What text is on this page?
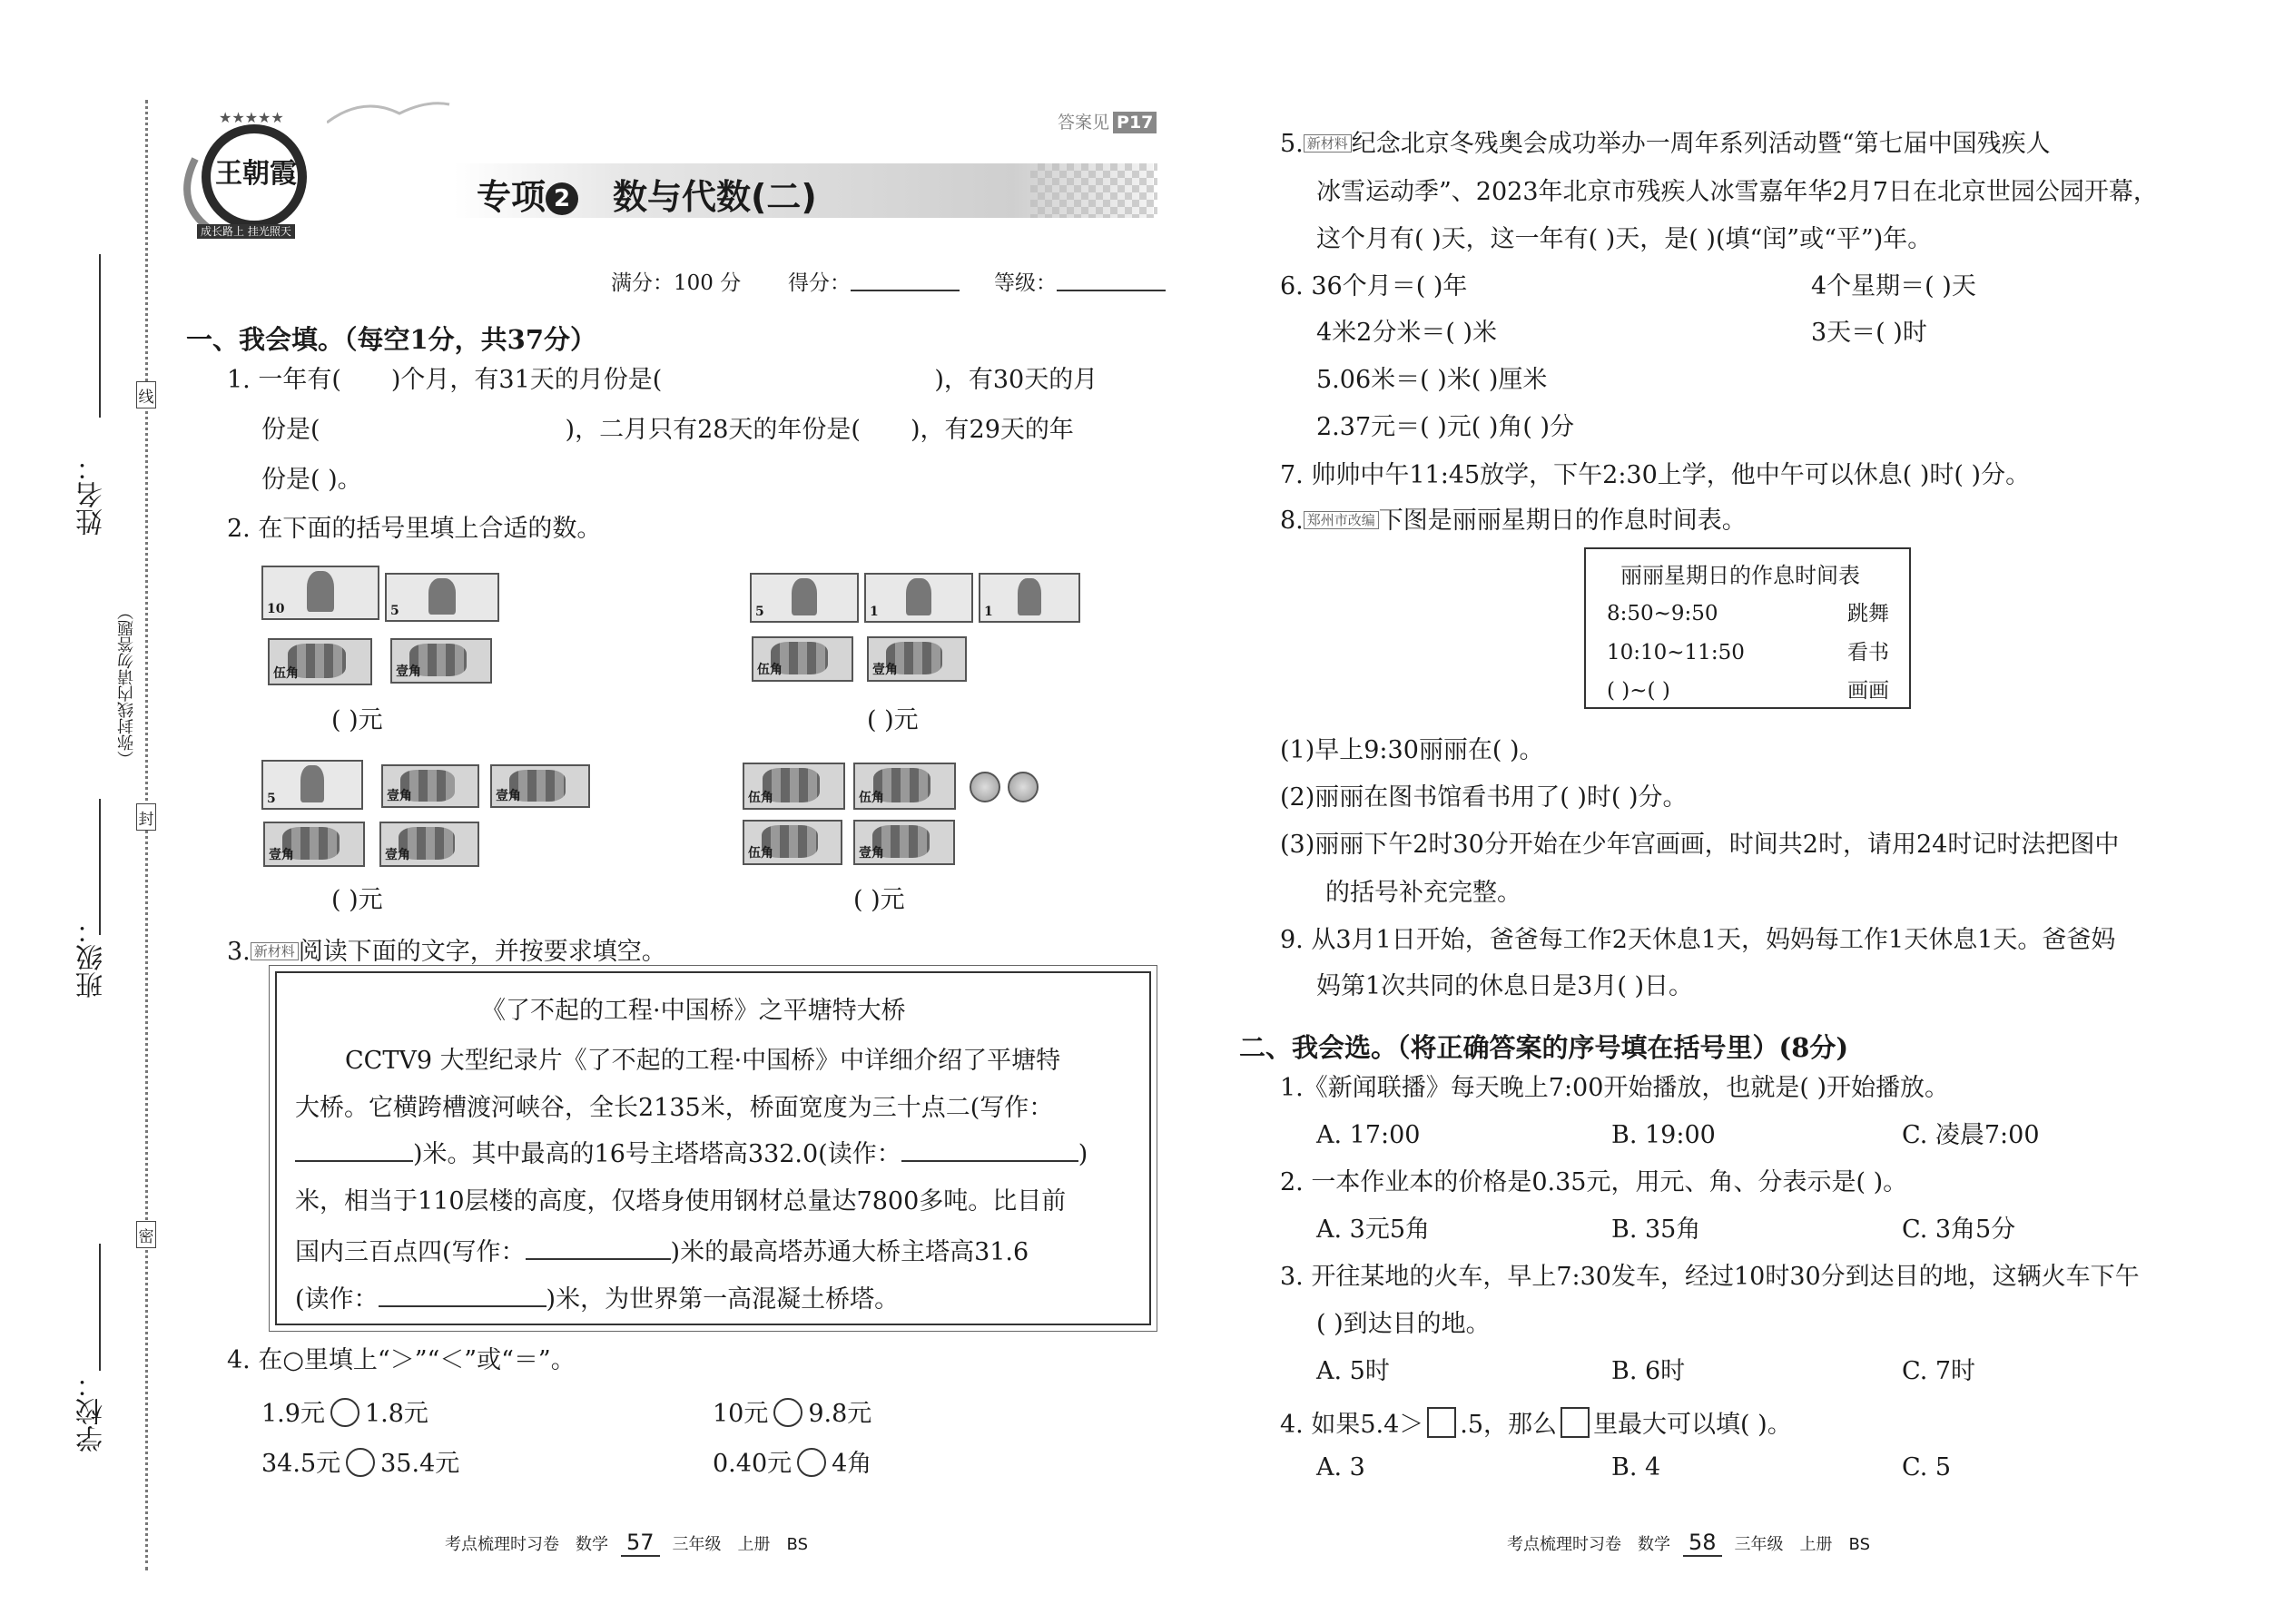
线
封
密
姓名：
（弥封线内请勿答题）
班级：
学校：
★★★★★
王朝霞
成长路上 挂光照天
答案见 P17
专项 2　 数与代数(二)
满分：100 分 得分：	等级：
一、我会填。（每空1分，共37分）
1. 一年有( )个月，有31天的月份是(	)，有30天的月
份是(	)，二月只有28天的年份是( )，有29天的年
份是( )。
2. 在下面的括号里填上合适的数。
10
5
伍角
壹角
5
1
1
伍角
壹角
( )元	( )元
5
壹角
壹角
壹角
壹角
伍角
伍角
伍角
壹角
( )元	( )元
3. 新材料 阅读下面的文字，并按要求填空。
《了不起的工程·中国桥》之平塘特大桥
CCTV9 大型纪录片《了不起的工程·中国桥》中详细介绍了平塘特
大桥。它横跨槽渡河峡谷，全长2135米，桥面宽度为三十点二(写作：
)米。其中最高的16号主塔塔高332.0(读作：	)
米，相当于110层楼的高度，仅塔身使用钢材总量达7800多吨。比目前
国内三百点四(写作：	)米的最高塔苏通大桥主塔高31.6
(读作：	)米，为世界第一高混凝土桥塔。
4. 在○里填上“＞”“＜”或“＝”。
1.9元 1.8元	10元 9.8元
34.5元 35.4元	0.40元 4角
5. 新材料 纪念北京冬残奥会成功举办一周年系列活动暨“第七届中国残疾人
冰雪运动季”、2023年北京市残疾人冰雪嘉年华2月7日在北京世园公园开幕，
这个月有( )天，这一年有( )天，是( )(填“闰”或“平”)年。
6. 36个月＝( )年	4个星期＝( )天
4米2分米＝( )米	3天＝( )时
5.06米＝( )米( )厘米
2.37元＝( )元( )角( )分
7. 帅帅中午11:45放学，下午2:30上学，他中午可以休息( )时( )分。
8. 郑州市改编 下图是丽丽星期日的作息时间表。
丽丽星期日的作息时间表
8:50~9:50	跳舞
10:10~11:50	看书
( )~( )	画画
(1)早上9:30丽丽在( )。
(2)丽丽在图书馆看书用了( )时( )分。
(3)丽丽下午2时30分开始在少年宫画画，时间共2时，请用24时记时法把图中
的括号补充完整。
9. 从3月1日开始，爸爸每工作2天休息1天，妈妈每工作1天休息1天。爸爸妈
妈第1次共同的休息日是3月( )日。
二、我会选。（将正确答案的序号填在括号里）(8分)
1.《新闻联播》每天晚上7:00开始播放，也就是( )开始播放。
A. 17:00	B. 19:00	C. 凌晨7:00
2. 一本作业本的价格是0.35元，用元、角、分表示是( )。
A. 3元5角	B. 35角	C. 3角5分
3. 开往某地的火车，早上7:30发车，经过10时30分到达目的地，这辆火车下午
( )到达目的地。
A. 5时	B. 6时	C. 7时
4. 如果5.4＞ .5，那么 里最大可以填( )。
A. 3	B. 4	C. 5
考点梳理时习卷　数学 57 三年级　上册　BS	考点梳理时习卷　数学 58 三年级　上册　BS
